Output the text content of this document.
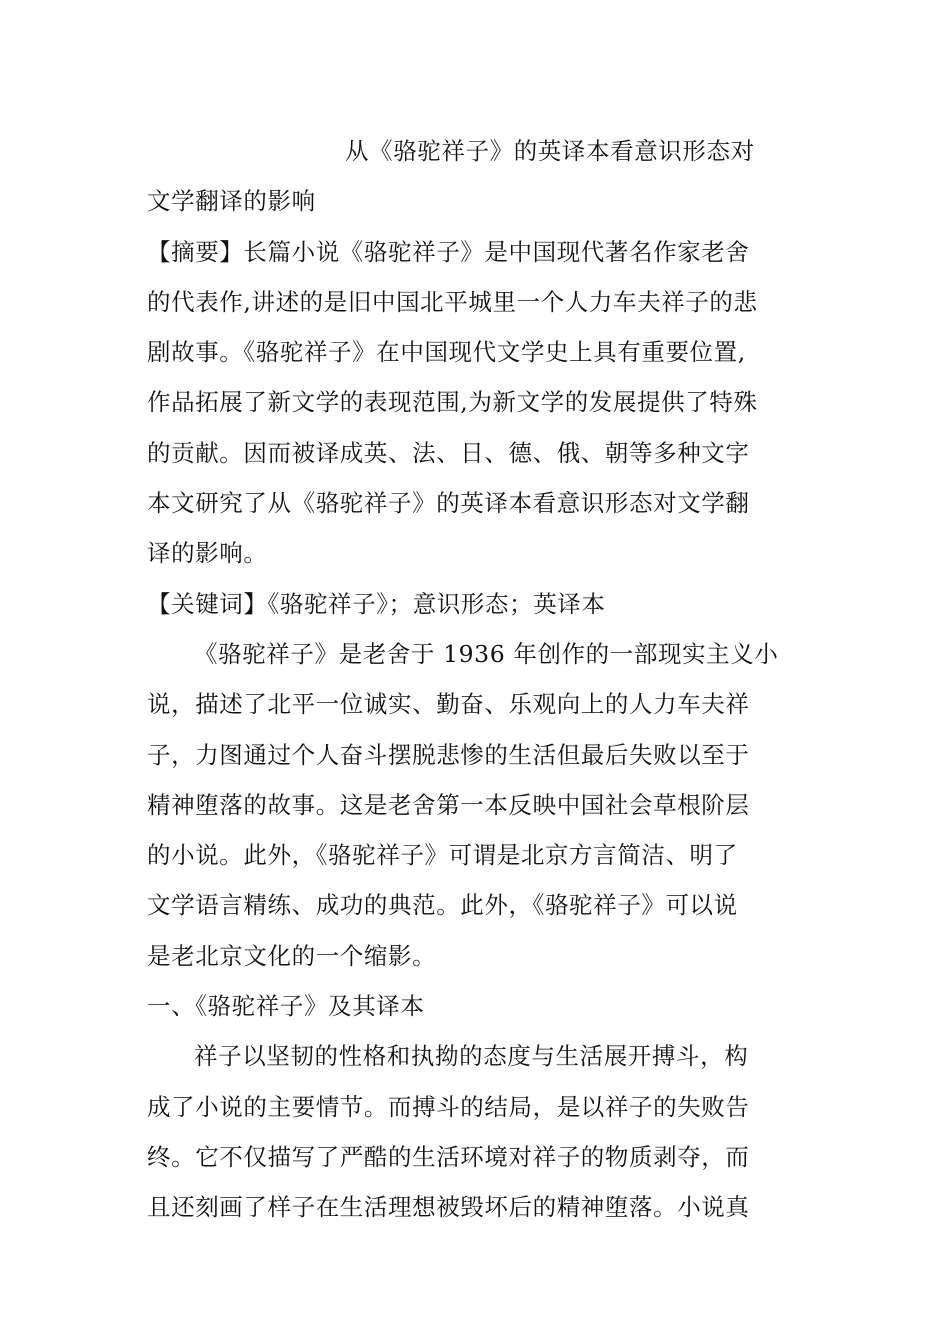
从《骆驼祥子》的英译本看意识形态对
文学翻译的影响
【摘要】长篇小说《骆驼祥子》是中国现代著名作家老舍
的代表作,讲述的是旧中国北平城里一个人力车夫祥子的悲
剧故事。《骆驼祥子》在中国现代文学史上具有重要位置,
作品拓展了新文学的表现范围,为新文学的发展提供了特殊
的贡献。因而被译成英、法、日、德、俄、朝等多种文字
本文研究了从《骆驼祥子》的英译本看意识形态对文学翻
译的影响。
【关键词】《骆驼祥子》；意识形态；英译本
《骆驼祥子》是老舍于 1936 年创作的一部现实主义小
说，描述了北平一位诚实、勤奋、乐观向上的人力车夫祥
子，力图通过个人奋斗摆脱悲惨的生活但最后失败以至于
精神堕落的故事。这是老舍第一本反映中国社会草根阶层
的小说。此外，《骆驼祥子》可谓是北京方言简洁、明了
文学语言精练、成功的典范。此外，《骆驼祥子》可以说
是老北京文化的一个缩影。
一、《骆驼祥子》及其译本
祥子以坚韧的性格和执拗的态度与生活展开搏斗，构
成了小说的主要情节。而搏斗的结局，是以祥子的失败告
终。它不仅描写了严酷的生活环境对祥子的物质剥夺，而
且还刻画了样子在生活理想被毁坏后的精神堕落。小说真
